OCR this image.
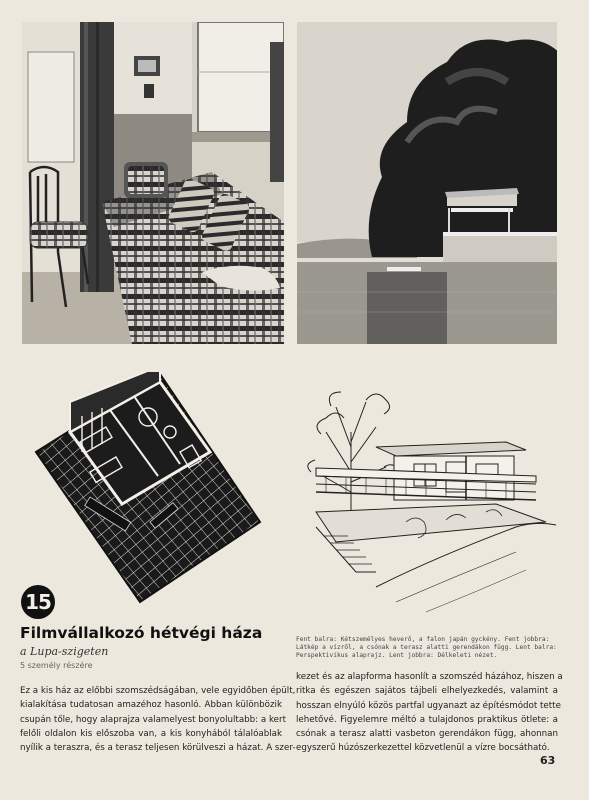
15
Filmvállalkozó hétvégi háza

a Lupa-szigeten

5 személy részére

Fent balra: Kétszemélyes heverő, a falon japán gyckény. Fent jobbra: Látkép a vízről, a csónak a terasz alatti gerendákon függ. Lent balra: Perspektivikus alaprajz. Lent jobbra: Délkeleti nézet.
Ez a kis ház az előbbi szomszédságában, vele egyidőben épült,
kialakítása tudatosan amazéhoz hasonló. Abban különbözik
csupán tőle, hogy alaprajza valamelyest bonyolultabb: a kert
felőli oldalon kis előszoba van, a kis konyhából tálalóablak
nyílik a teraszra, és a terasz teljesen körülveszi a házat. A szer-
kezet és az alapforma hasonlít a szomszéd házához, hiszen a
ritka és egészen sajátos tájbeli elhelyezkedés, valamint a
hosszan elnyúló közös partfal ugyanazt az építésmódot tette
lehetővé. Figyelemre méltó a tulajdonos praktikus ötlete: a
csónak a terasz alatti vasbeton gerendákon függ, ahonnan
egyszerű húzószerkezettel közvetlenül a vízre bocsátható.
63
